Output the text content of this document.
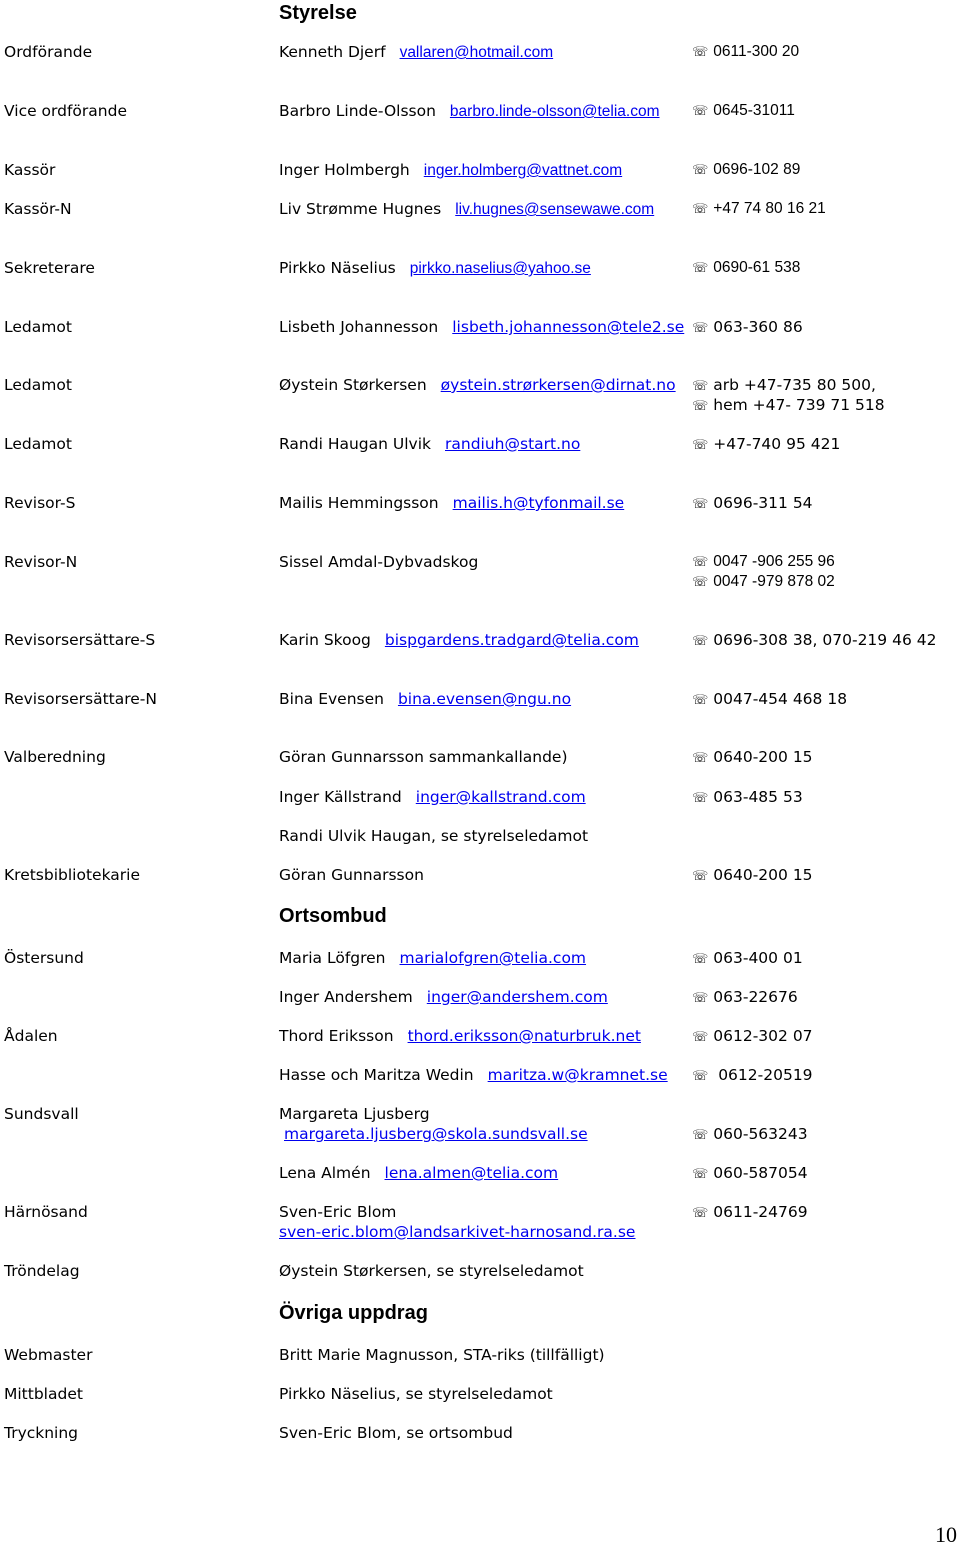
Styrelse
Ordförande	Kenneth Djerf vallaren@hotmail.com	☏ 0611-300 20
Vice ordförande	Barbro Linde-Olsson barbro.linde-olsson@telia.com ☏ 0645-31011
Kassör	Inger Holmbergh inger.holmberg@vattnet.com	☏ 0696-102 89
Kassör-N	Liv Strømme Hugnes liv.hugnes@sensewawe.com	☏ +47 74 80 16 21
Sekreterare	Pirkko Näselius pirkko.naselius@yahoo.se	☏ 0690-61 538
Ledamot	Lisbeth Johannesson lisbeth.johannesson@tele2.se ☏ 063-360 86
Ledamot	Øystein Størkersen øystein.strørkersen@dirnat.no ☏ arb +47-735 80 500,
☏ hem +47- 739 71 518
Ledamot	Randi Haugan Ulvik randiuh@start.no	☏ +47-740 95 421
Revisor-S	Mailis Hemmingsson mailis.h@tyfonmail.se	☏ 0696-311 54
Revisor-N	Sissel Amdal-Dybvadskog	☏ 0047 -906 255 96
☏ 0047 -979 878 02
Revisorsersättare-S	Karin Skoog bispgardens.tradgard@telia.com	☏ 0696-308 38, 070-219 46 42
Revisorsersättare-N	Bina Evensen bina.evensen@ngu.no	☏ 0047-454 468 18
Valberedning	Göran Gunnarsson sammankallande)	☏ 0640-200 15
Inger Källstrand inger@kallstrand.com	☏ 063-485 53
Randi Ulvik Haugan, se styrelseledamot
Kretsbibliotekarie	Göran Gunnarsson	☏ 0640-200 15
Ortsombud
Östersund	Maria Löfgren marialofgren@telia.com	☏ 063-400 01
Inger Andershem inger@andershem.com	☏ 063-22676
Ådalen	Thord Eriksson thord.eriksson@naturbruk.net	☏ 0612-302 07
Hasse och Maritza Wedin maritza.w@kramnet.se ☏ 0612-20519
Sundsvall	Margareta Ljusberg
margareta.ljusberg@skola.sundsvall.se	☏ 060-563243
Lena Almén lena.almen@telia.com	☏ 060-587054
Härnösand	Sven-Eric Blom
sven-eric.blom@landsarkivet-harnosand.ra.se
☏ 0611-24769
Tröndelag	Øystein Størkersen, se styrelseledamot
Övriga uppdrag
Webmaster	Britt Marie Magnusson, STA-riks (tillfälligt)
Mittbladet	Pirkko Näselius, se styrelseledamot
Tryckning	Sven-Eric Blom, se ortsombud
10
